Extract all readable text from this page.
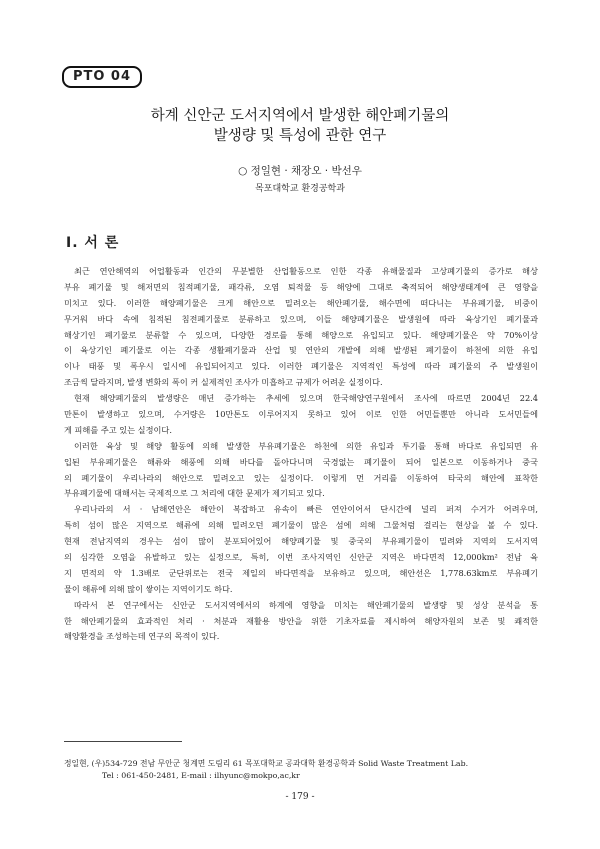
PTO 04
하계 신안군 도서지역에서 발생한 해안폐기물의
발생량 및 특성에 관한 연구
○ 정일현 · 채장오 · 박선우
목포대학교 환경공학과
I. 서 론
최근 연안해역의 어업활동과 인간의 무분별한 산업활동으로 인한 각종 유해물질과 고상폐기물의 증가로 해상
부유 폐기물 및 해저면의 침적폐기물, 패각류, 오염 퇴적물 등 해양에 그대로 축적되어 해양생태계에 큰 영향을
미치고 있다. 이러한 해양폐기물은 크게 해안으로 밀려오는 해안폐기물, 해수면에 떠다니는 부유폐기물, 비중이
무거워 바다 속에 침적된 침전폐기물로 분류하고 있으며, 이들 해양폐기물은 발생원에 따라 육상기인 폐기물과
해상기인 폐기물로 분류할 수 있으며, 다양한 경로를 통해 해양으로 유입되고 있다. 해양폐기물은 약 70%이상
이 육상기인 폐기물로 이는 각종 생활폐기물과 산업 및 연안의 개발에 의해 발생된 폐기물이 하천에 의한 유입
이나 태풍 및 폭우시 일시에 유입되어지고 있다. 이러한 폐기물은 지역적인 특성에 따라 폐기물의 주 발생원이
조금씩 달라지며, 발생 변화의 폭이 커 실제적인 조사가 미흡하고 규제가 어려운 실정이다.
현재 해양폐기물의 발생량은 매년 증가하는 추세에 있으며 한국해양연구원에서 조사에 따르면 2004년 22.4
만톤이 발생하고 있으며, 수거량은 10만톤도 이루어지지 못하고 있어 이로 인한 어민들뿐만 아니라 도서민들에
게 피해를 주고 있는 실정이다.
이러한 육상 및 해양 활동에 의해 발생한 부유폐기물은 하천에 의한 유입과 투기를 통해 바다로 유입되면 유
입된 부유폐기물은 해류와 해풍에 의해 바다를 돌아다니며 국경없는 폐기물이 되어 일본으로 이동하거나 중국
의 폐기물이 우리나라의 해안으로 밀려오고 있는 실정이다. 이렇게 먼 거리를 이동하여 타국의 해안에 표착한
부유폐기물에 대해서는 국제적으로 그 처리에 대한 문제가 제기되고 있다.
우리나라의 서 · 남해연안은 해안이 복잡하고 유속이 빠른 연안이어서 단시간에 널리 퍼져 수거가 어려우며,
특히 섬이 많은 지역으로 해류에 의해 밀려오던 폐기물이 많은 섬에 의해 그물처럼 걸리는 현상을 볼 수 있다.
현재 전남지역의 경우는 섬이 많이 분포되어있어 해양폐기물 및 중국의 부유폐기물이 밀려와 지역의 도서지역
의 심각한 오염을 유발하고 있는 실정으로, 특히, 이번 조사지역인 신안군 지역은 바다면적 12,000km² 전남 육
지 면적의 약 1.3배로 군단위로는 전국 제일의 바다면적을 보유하고 있으며, 해안선은 1,778.63km로 부유폐기
물이 해류에 의해 많이 쌓이는 지역이기도 하다.
따라서 본 연구에서는 신안군 도서지역에서의 하계에 영향을 미치는 해안폐기물의 발생량 및 성상 분석을 통
한 해안폐기물의 효과적인 처리 · 처분과 재활용 방안을 위한 기초자료를 제시하여 해양자원의 보존 및 쾌적한
해양환경을 조성하는데 연구의 목적이 있다.
정일현, (우)534-729 전남 무안군 청계면 도림리 61 목포대학교 공과대학 환경공학과 Solid Waste Treatment Lab.
Tel : 061-450-2481, E-mail : ilhyunc@mokpo,ac,kr
- 179 -
